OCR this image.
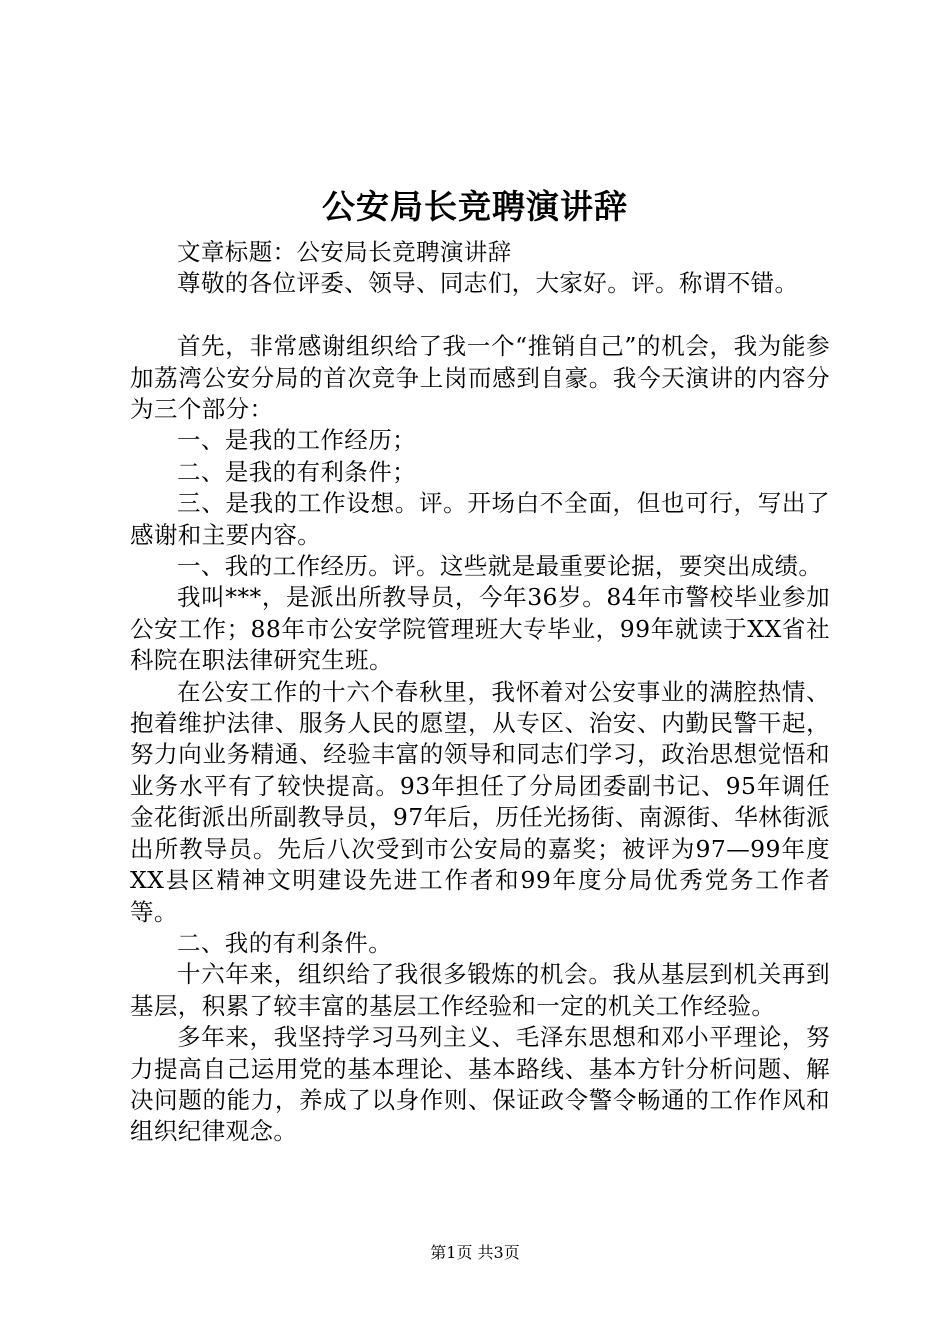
公安局长竞聘演讲辞

文章标题：公安局长竞聘演讲辞

尊敬的各位评委、领导、同志们，大家好。评。称谓不错。

首先，非常感谢组织给了我一个“推销自己”的机会，我为能参加荔湾公安分局的首次竞争上岗而感到自豪。我今天演讲的内容分为三个部分：

一、是我的工作经历；

二、是我的有利条件；

三、是我的工作设想。评。开场白不全面，但也可行，写出了感谢和主要内容。

一、我的工作经历。评。这些就是最重要论据，要突出成绩。

我叫***，是派出所教导员，今年36岁。84年市警校毕业参加公安工作；88年市公安学院管理班大专毕业，99年就读于XX省社科院在职法律研究生班。

在公安工作的十六个春秋里，我怀着对公安事业的满腔热情、抱着维护法律、服务人民的愿望，从专区、治安、内勤民警干起，努力向业务精通、经验丰富的领导和同志们学习，政治思想觉悟和业务水平有了较快提高。93年担任了分局团委副书记、95年调任金花街派出所副教导员，97年后，历任光扬街、南源街、华林街派出所教导员。先后八次受到市公安局的嘉奖；被评为97—99年度XX县区精神文明建设先进工作者和99年度分局优秀党务工作者等。

二、我的有利条件。

十六年来，组织给了我很多锻炼的机会。我从基层到机关再到基层，积累了较丰富的基层工作经验和一定的机关工作经验。

多年来，我坚持学习马列主义、毛泽东思想和邓小平理论，努力提高自己运用党的基本理论、基本路线、基本方针分析问题、解决问题的能力，养成了以身作则、保证政令警令畅通的工作作风和组织纪律观念。

第1页 共3页
